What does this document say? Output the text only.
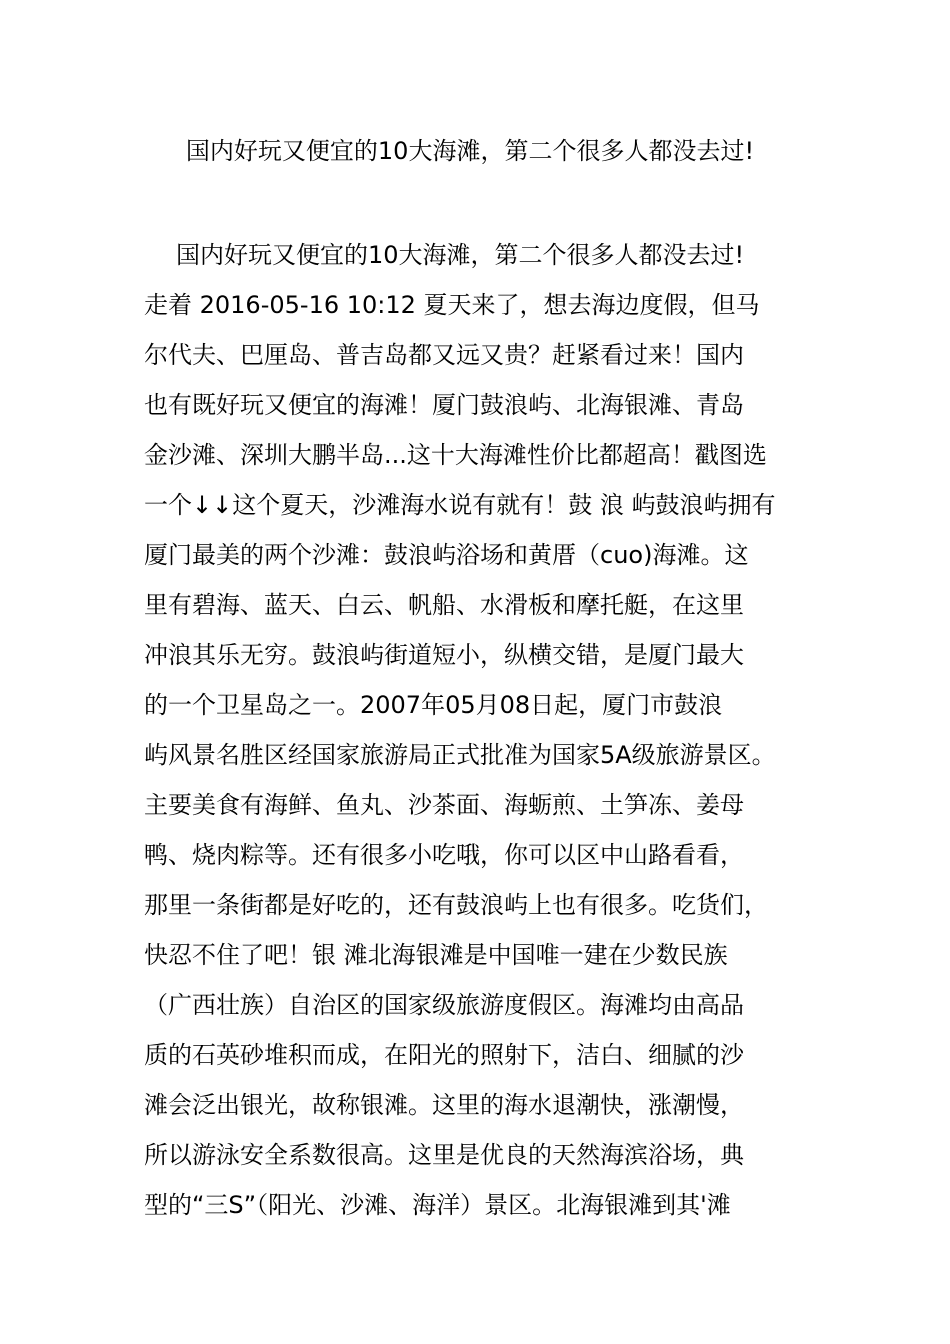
国内好玩又便宜的10大海滩，第二个很多人都没去过!
国内好玩又便宜的10大海滩，第二个很多人都没去过!
走着 2016-05-16 10:12 夏天来了，想去海边度假，但马
尔代夫、巴厘岛、普吉岛都又远又贵？赶紧看过来！国内
也有既好玩又便宜的海滩！厦门鼓浪屿、北海银滩、青岛
金沙滩、深圳大鹏半岛...这十大海滩性价比都超高！戳图选
一个↓↓这个夏天，沙滩海水说有就有！鼓 浪 屿鼓浪屿拥有
厦门最美的两个沙滩：鼓浪屿浴场和黄厝（cuo)海滩。这
里有碧海、蓝天、白云、帆船、水滑板和摩托艇，在这里
冲浪其乐无穷。鼓浪屿街道短小，纵横交错，是厦门最大
的一个卫星岛之一。2007年05月08日起，厦门市鼓浪
屿风景名胜区经国家旅游局正式批准为国家5A级旅游景区。
主要美食有海鲜、鱼丸、沙茶面、海蛎煎、土笋冻、姜母
鸭、烧肉粽等。还有很多小吃哦，你可以区中山路看看，
那里一条街都是好吃的，还有鼓浪屿上也有很多。吃货们，
快忍不住了吧！银 滩北海银滩是中国唯一建在少数民族
（广西壮族）自治区的国家级旅游度假区。海滩均由高品
质的石英砂堆积而成，在阳光的照射下，洁白、细腻的沙
滩会泛出银光，故称银滩。这里的海水退潮快，涨潮慢，
所以游泳安全系数很高。这里是优良的天然海滨浴场，典
型的“三S”（阳光、沙滩、海洋）景区。北海银滩到其'滩
